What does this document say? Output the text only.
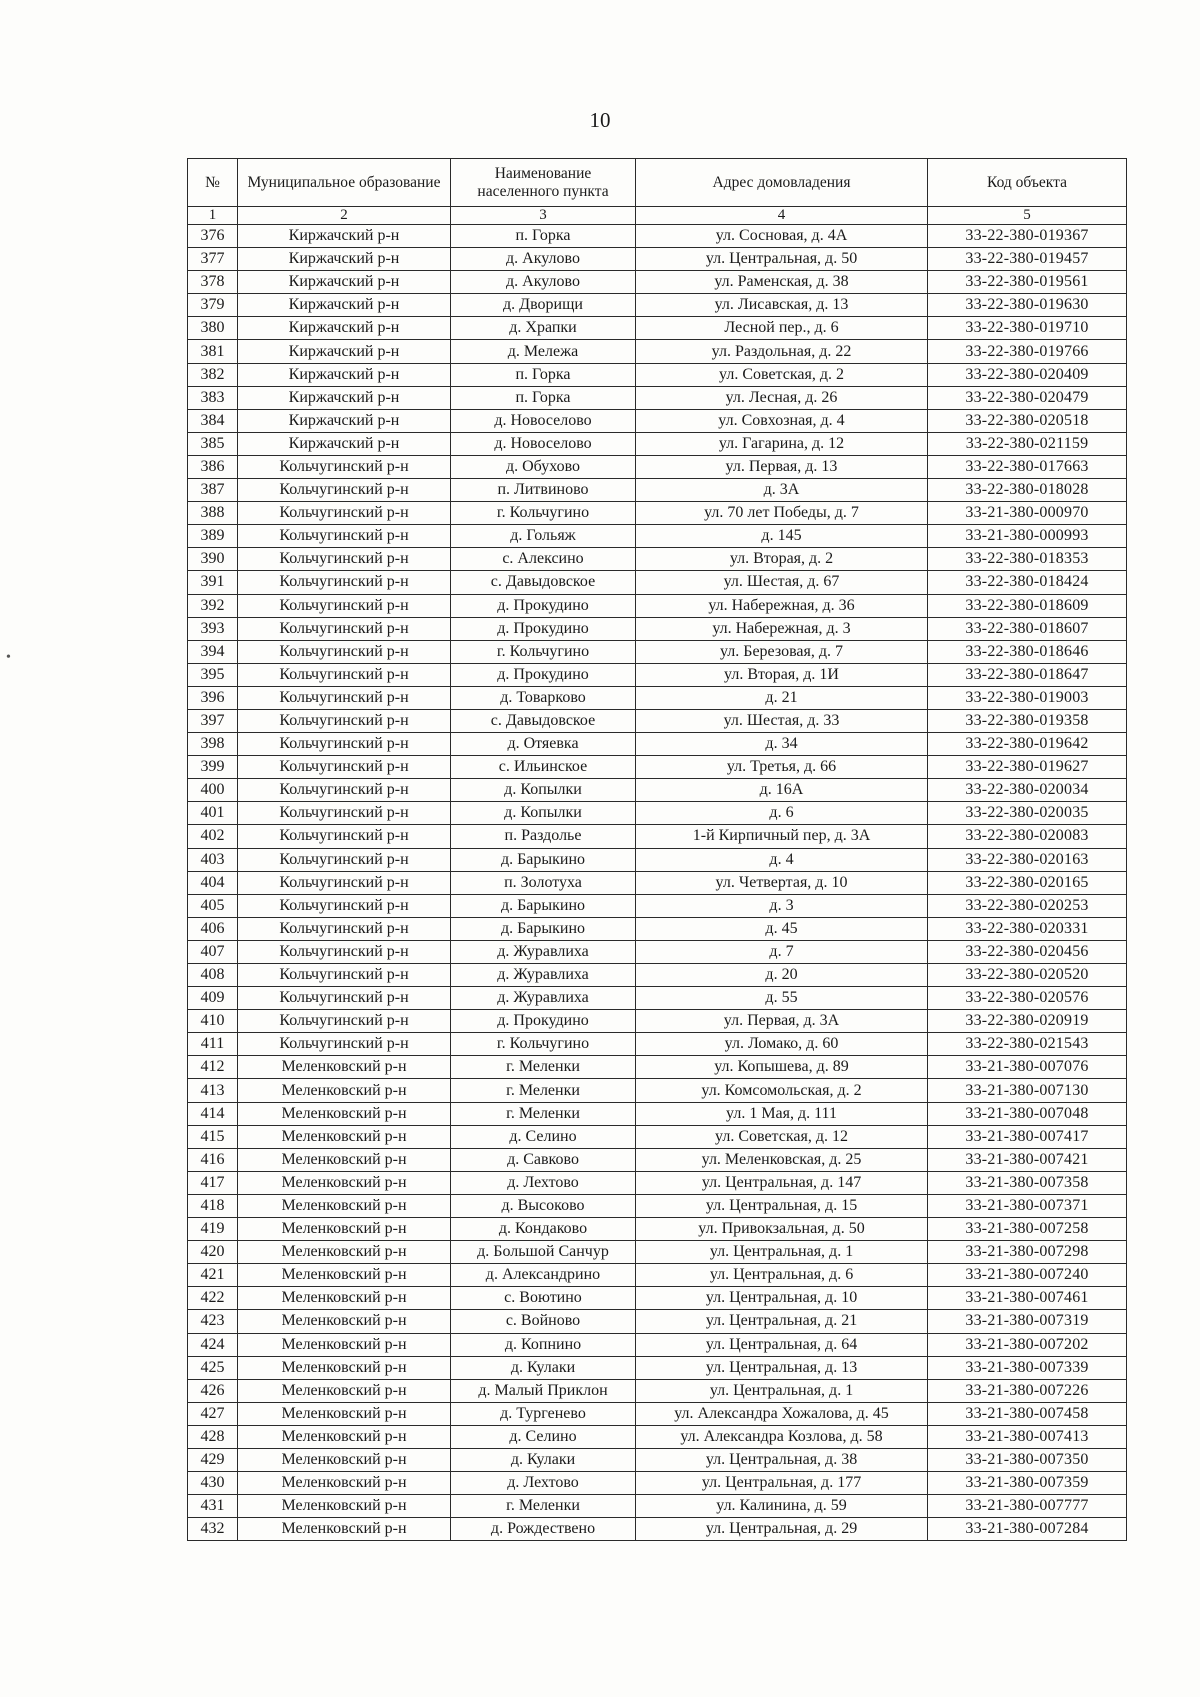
10
•
№	Муниципальное образование	Наименование населенного пункта	Адрес домовладения	Код объекта
1	2	3	4	5
376	Киржачский р-н	п. Горка	ул. Сосновая, д. 4А	33-22-380-019367
377	Киржачский р-н	д. Акулово	ул. Центральная, д. 50	33-22-380-019457
378	Киржачский р-н	д. Акулово	ул. Раменская, д. 38	33-22-380-019561
379	Киржачский р-н	д. Дворищи	ул. Лисавская, д. 13	33-22-380-019630
380	Киржачский р-н	д. Храпки	Лесной пер., д. 6	33-22-380-019710
381	Киржачский р-н	д. Мележа	ул. Раздольная, д. 22	33-22-380-019766
382	Киржачский р-н	п. Горка	ул. Советская, д. 2	33-22-380-020409
383	Киржачский р-н	п. Горка	ул. Лесная, д. 26	33-22-380-020479
384	Киржачский р-н	д. Новоселово	ул. Совхозная, д. 4	33-22-380-020518
385	Киржачский р-н	д. Новоселово	ул. Гагарина, д. 12	33-22-380-021159
386	Кольчугинский р-н	д. Обухово	ул. Первая, д. 13	33-22-380-017663
387	Кольчугинский р-н	п. Литвиново	д. 3А	33-22-380-018028
388	Кольчугинский р-н	г. Кольчугино	ул. 70 лет Победы, д. 7	33-21-380-000970
389	Кольчугинский р-н	д. Гольяж	д. 145	33-21-380-000993
390	Кольчугинский р-н	с. Алексино	ул. Вторая, д. 2	33-22-380-018353
391	Кольчугинский р-н	с. Давыдовское	ул. Шестая, д. 67	33-22-380-018424
392	Кольчугинский р-н	д. Прокудино	ул. Набережная, д. 36	33-22-380-018609
393	Кольчугинский р-н	д. Прокудино	ул. Набережная, д. 3	33-22-380-018607
394	Кольчугинский р-н	г. Кольчугино	ул. Березовая, д. 7	33-22-380-018646
395	Кольчугинский р-н	д. Прокудино	ул. Вторая, д. 1И	33-22-380-018647
396	Кольчугинский р-н	д. Товарково	д. 21	33-22-380-019003
397	Кольчугинский р-н	с. Давыдовское	ул. Шестая, д. 33	33-22-380-019358
398	Кольчугинский р-н	д. Отяевка	д. 34	33-22-380-019642
399	Кольчугинский р-н	с. Ильинское	ул. Третья, д. 66	33-22-380-019627
400	Кольчугинский р-н	д. Копылки	д. 16А	33-22-380-020034
401	Кольчугинский р-н	д. Копылки	д. 6	33-22-380-020035
402	Кольчугинский р-н	п. Раздолье	1-й Кирпичный пер, д. 3А	33-22-380-020083
403	Кольчугинский р-н	д. Барыкино	д. 4	33-22-380-020163
404	Кольчугинский р-н	п. Золотуха	ул. Четвертая, д. 10	33-22-380-020165
405	Кольчугинский р-н	д. Барыкино	д. 3	33-22-380-020253
406	Кольчугинский р-н	д. Барыкино	д. 45	33-22-380-020331
407	Кольчугинский р-н	д. Журавлиха	д. 7	33-22-380-020456
408	Кольчугинский р-н	д. Журавлиха	д. 20	33-22-380-020520
409	Кольчугинский р-н	д. Журавлиха	д. 55	33-22-380-020576
410	Кольчугинский р-н	д. Прокудино	ул. Первая, д. 3А	33-22-380-020919
411	Кольчугинский р-н	г. Кольчугино	ул. Ломако, д. 60	33-22-380-021543
412	Меленковский р-н	г. Меленки	ул. Копышева, д. 89	33-21-380-007076
413	Меленковский р-н	г. Меленки	ул. Комсомольская, д. 2	33-21-380-007130
414	Меленковский р-н	г. Меленки	ул. 1 Мая, д. 111	33-21-380-007048
415	Меленковский р-н	д. Селино	ул. Советская, д. 12	33-21-380-007417
416	Меленковский р-н	д. Савково	ул. Меленковская, д. 25	33-21-380-007421
417	Меленковский р-н	д. Лехтово	ул. Центральная, д. 147	33-21-380-007358
418	Меленковский р-н	д. Высоково	ул. Центральная, д. 15	33-21-380-007371
419	Меленковский р-н	д. Кондаково	ул. Привокзальная, д. 50	33-21-380-007258
420	Меленковский р-н	д. Большой Санчур	ул. Центральная, д. 1	33-21-380-007298
421	Меленковский р-н	д. Александрино	ул. Центральная, д. 6	33-21-380-007240
422	Меленковский р-н	с. Воютино	ул. Центральная, д. 10	33-21-380-007461
423	Меленковский р-н	с. Войново	ул. Центральная, д. 21	33-21-380-007319
424	Меленковский р-н	д. Копнино	ул. Центральная, д. 64	33-21-380-007202
425	Меленковский р-н	д. Кулаки	ул. Центральная, д. 13	33-21-380-007339
426	Меленковский р-н	д. Малый Приклон	ул. Центральная, д. 1	33-21-380-007226
427	Меленковский р-н	д. Тургенево	ул. Александра Хожалова, д. 45	33-21-380-007458
428	Меленковский р-н	д. Селино	ул. Александра Козлова, д. 58	33-21-380-007413
429	Меленковский р-н	д. Кулаки	ул. Центральная, д. 38	33-21-380-007350
430	Меленковский р-н	д. Лехтово	ул. Центральная, д. 177	33-21-380-007359
431	Меленковский р-н	г. Меленки	ул. Калинина, д. 59	33-21-380-007777
432	Меленковский р-н	д. Рождествено	ул. Центральная, д. 29	33-21-380-007284
